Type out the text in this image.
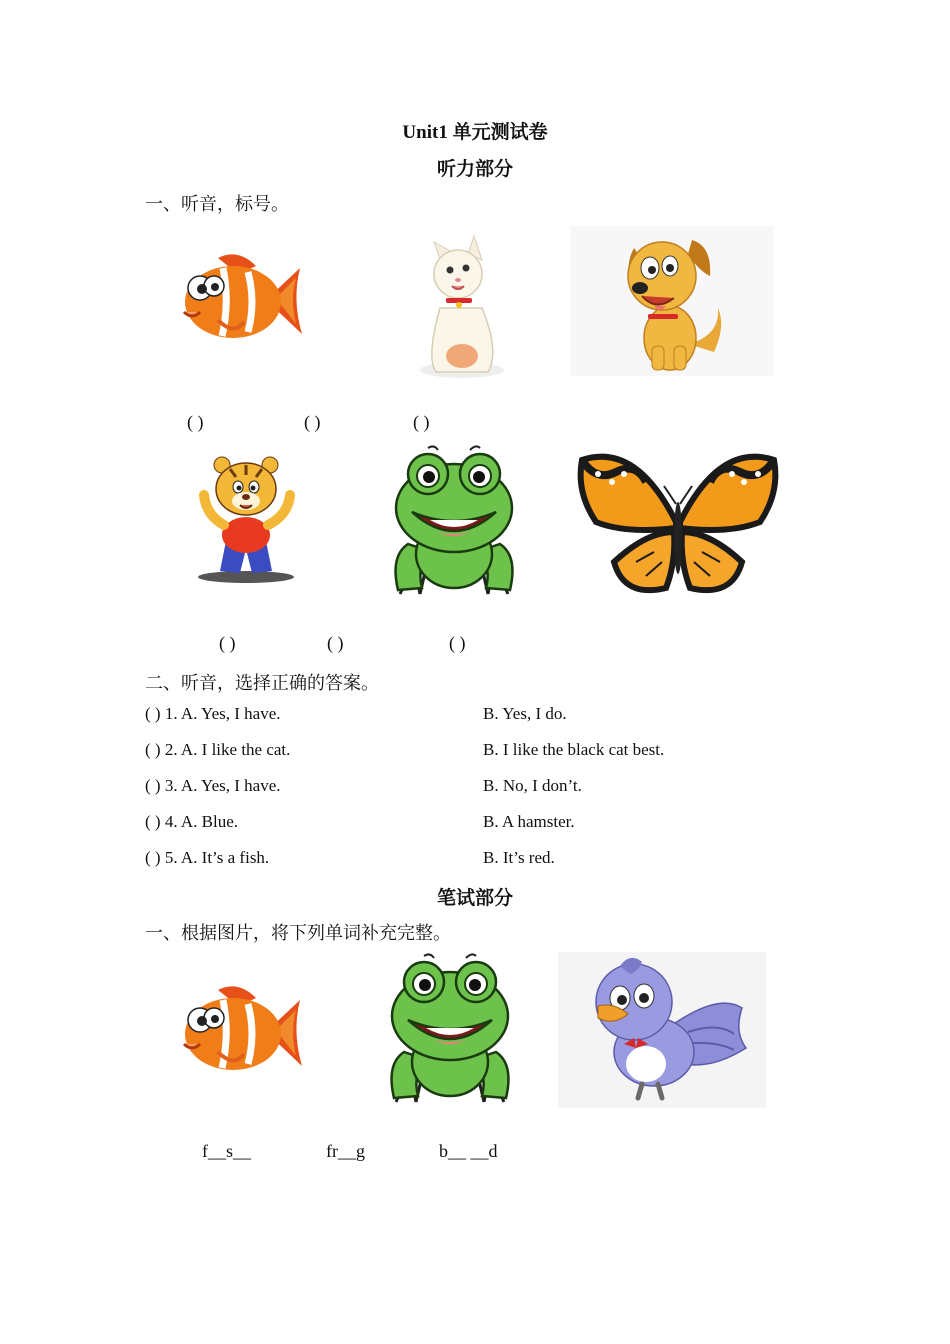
Unit1 单元测试卷
听力部分
一、听音，标号。
( )	( )	( )
( )	( )	( )
二、听音，选择正确的答案。
( ) 1. A. Yes, I have.	B. Yes, I do.
( ) 2. A. I like the cat.	B. I like the black cat best.
( ) 3. A. Yes, I have.	B. No, I don’t.
( ) 4. A. Blue.	B. A hamster.
( ) 5. A. It’s a fish.	B. It’s red.
笔试部分
一、根据图片，将下列单词补充完整。
f__s__	fr__g	b__ __d
